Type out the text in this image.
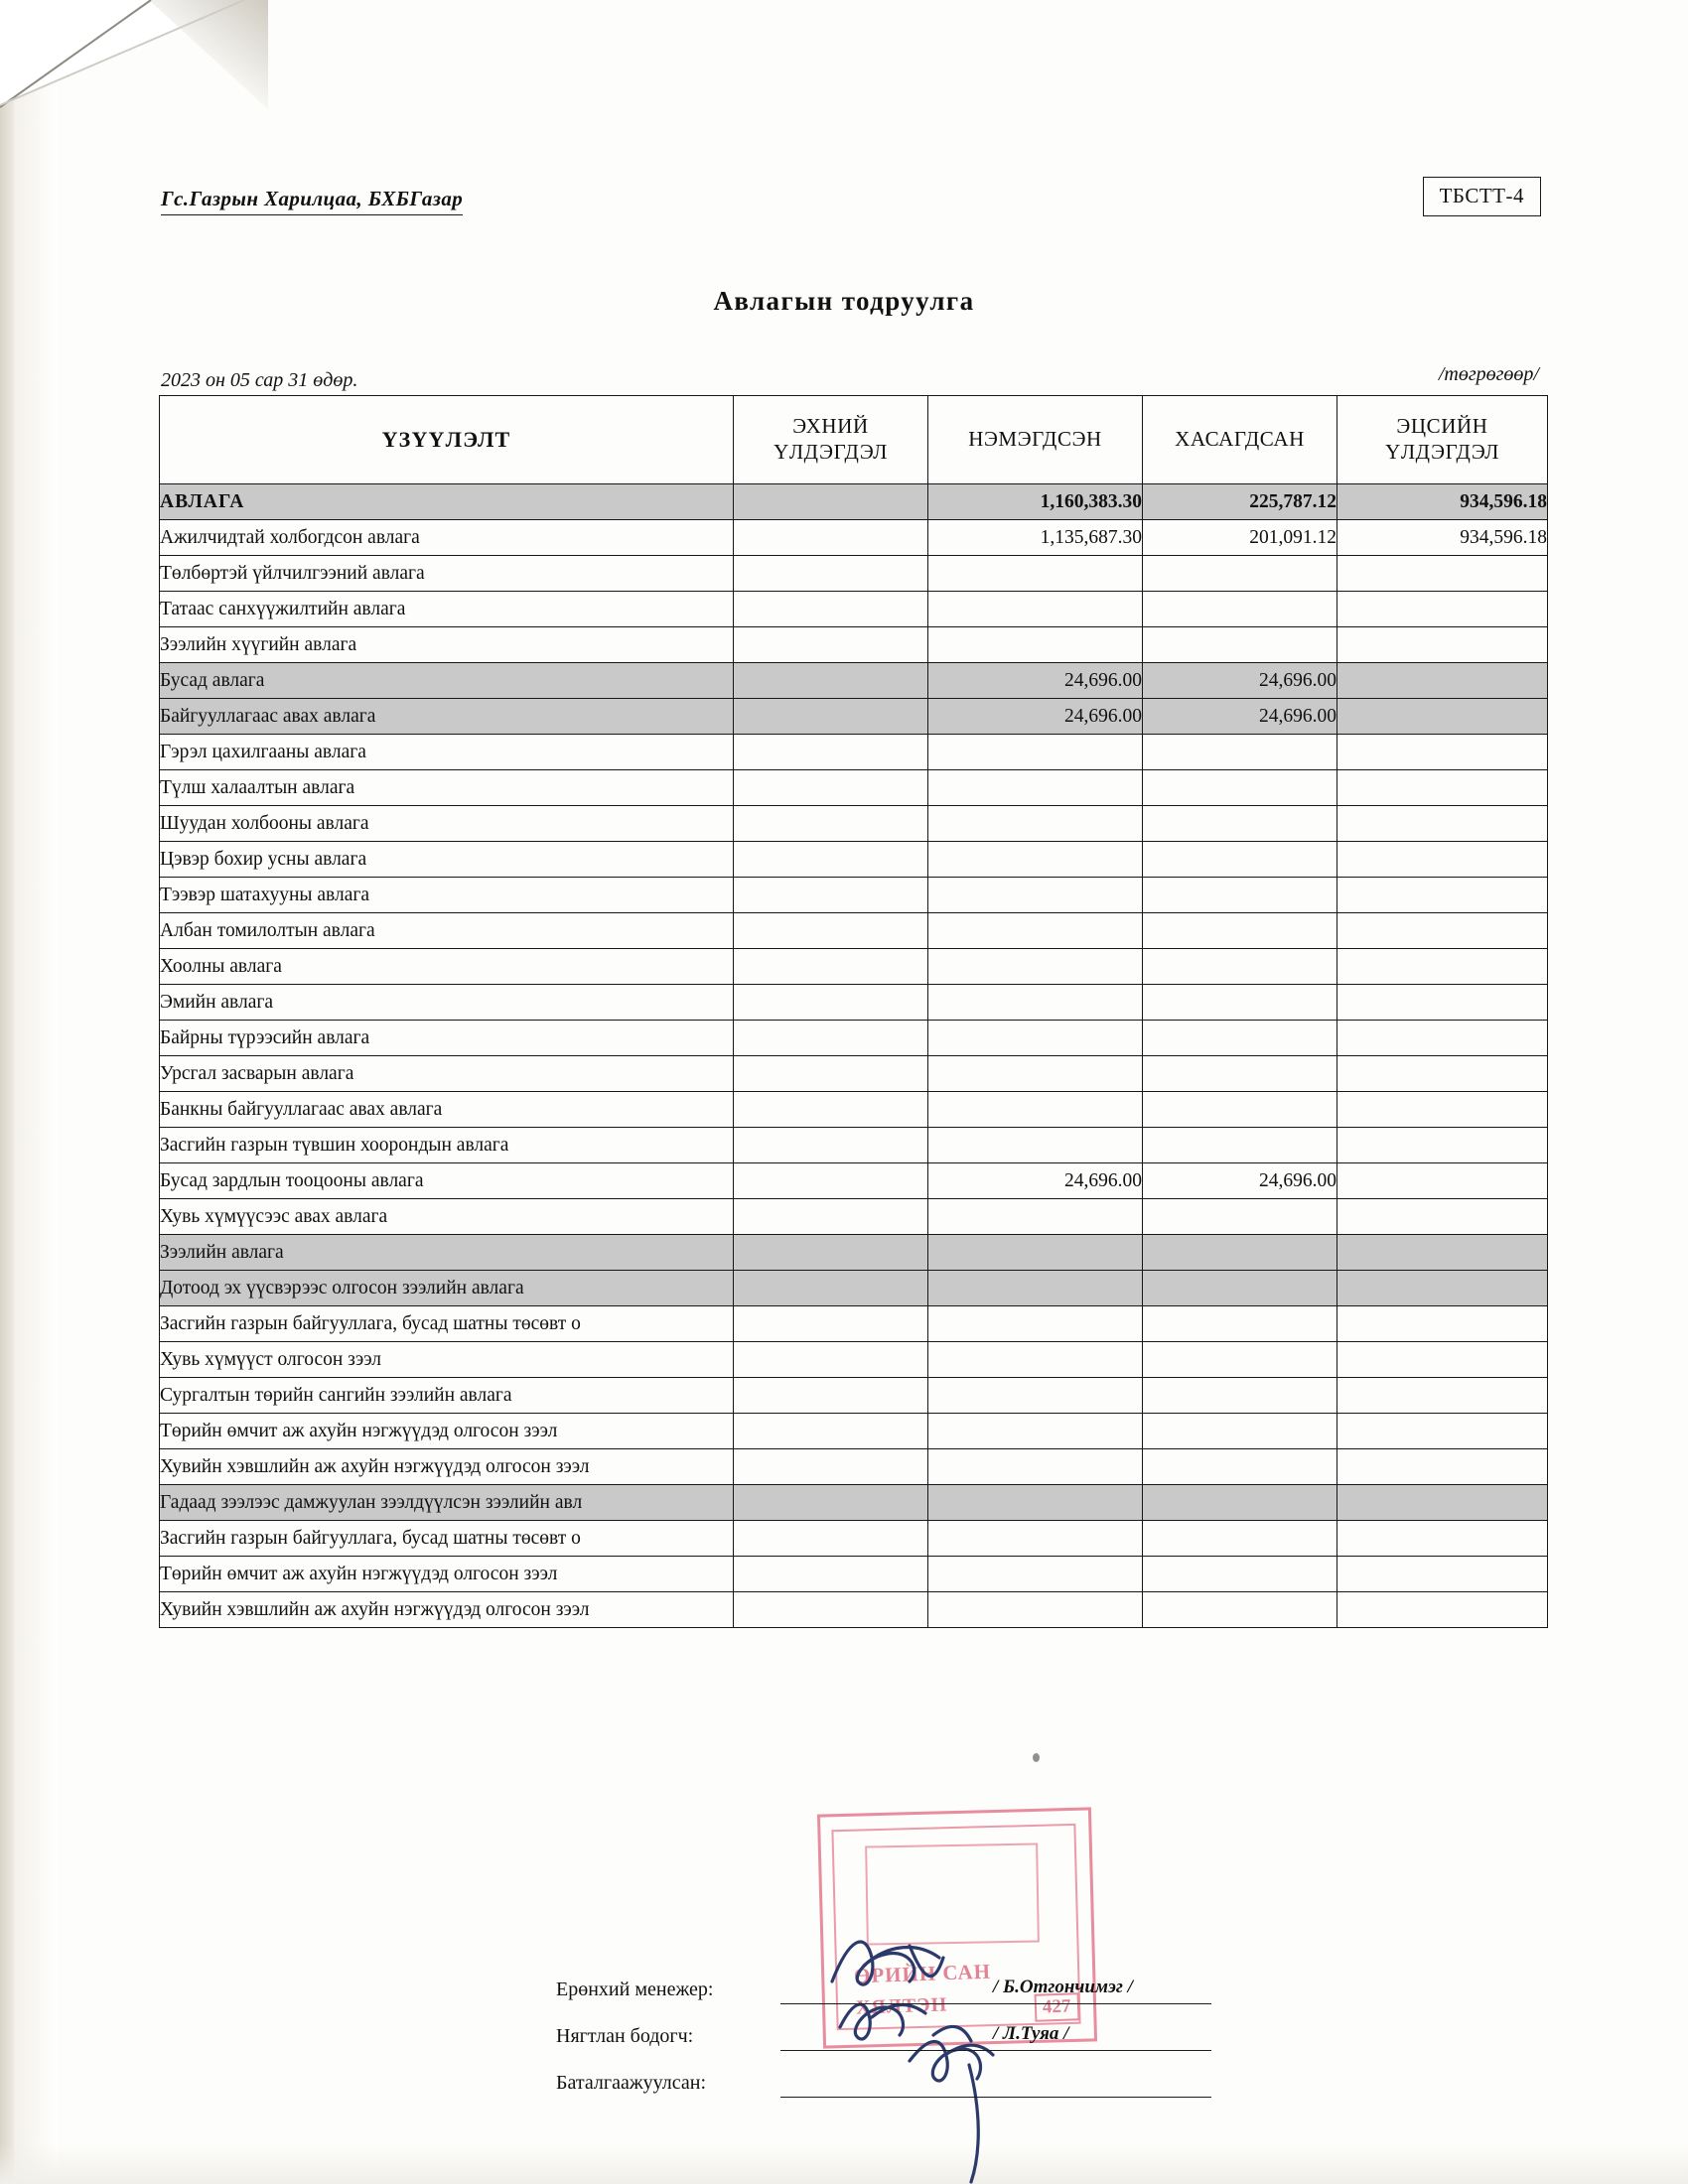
Гс.Газрын Харилцаа, БХБГазар	ТБСТТ-4
Авлагын тодруулга
2023 он 05 сар 31 өдөр.	/төгрөгөөр/
ҮЗҮҮЛЭЛТ	ЭХНИЙ ҮЛДЭГДЭЛ	НЭМЭГДСЭН	ХАСАГДСАН	ЭЦСИЙН ҮЛДЭГДЭЛ
АВЛАГА		1,160,383.30	225,787.12	934,596.18
Ажилчидтай холбогдсон авлага		1,135,687.30	201,091.12	934,596.18
Төлбөртэй үйлчилгээний авлага				
Татаас санхүүжилтийн авлага				
Зээлийн хүүгийн авлага				
Бусад авлага		24,696.00	24,696.00	
Байгууллагаас авах авлага		24,696.00	24,696.00	
Гэрэл цахилгааны авлага				
Түлш халаалтын авлага				
Шуудан холбооны авлага				
Цэвэр бохир усны авлага				
Тээвэр шатахууны авлага				
Албан томилолтын авлага				
Хоолны авлага				
Эмийн авлага				
Байрны түрээсийн авлага				
Урсгал засварын авлага				
Банкны байгууллагаас авах авлага				
Засгийн газрын түвшин хоорондын авлага				
Бусад зардлын тооцооны авлага		24,696.00	24,696.00	
Хувь хүмүүсээс авах авлага				
Зээлийн авлага				
Дотоод эх үүсвэрээс олгосон зээлийн авлага				
Засгийн газрын байгууллага, бусад шатны төсөвт о				
Хувь хүмүүст олгосон зээл				
Сургалтын төрийн сангийн зээлийн авлага				
Төрийн өмчит аж ахуйн нэгжүүдэд олгосон зээл				
Хувийн хэвшлийн аж ахуйн нэгжүүдэд олгосон зээл				
Гадаад зээлээс дамжуулан зээлдүүлсэн зээлийн авл				
Засгийн газрын байгууллага, бусад шатны төсөвт о				
Төрийн өмчит аж ахуйн нэгжүүдэд олгосон зээл				
Хувийн хэвшлийн аж ахуйн нэгжүүдэд олгосон зээл				
ӨРИЙН САН
ХЯЛТЭН	427
Ерөнхий менежер:	/ Б.Отгончимэг /
Нягтлан бодогч:	/ Л.Туяа /
Баталгаажуулсан:
